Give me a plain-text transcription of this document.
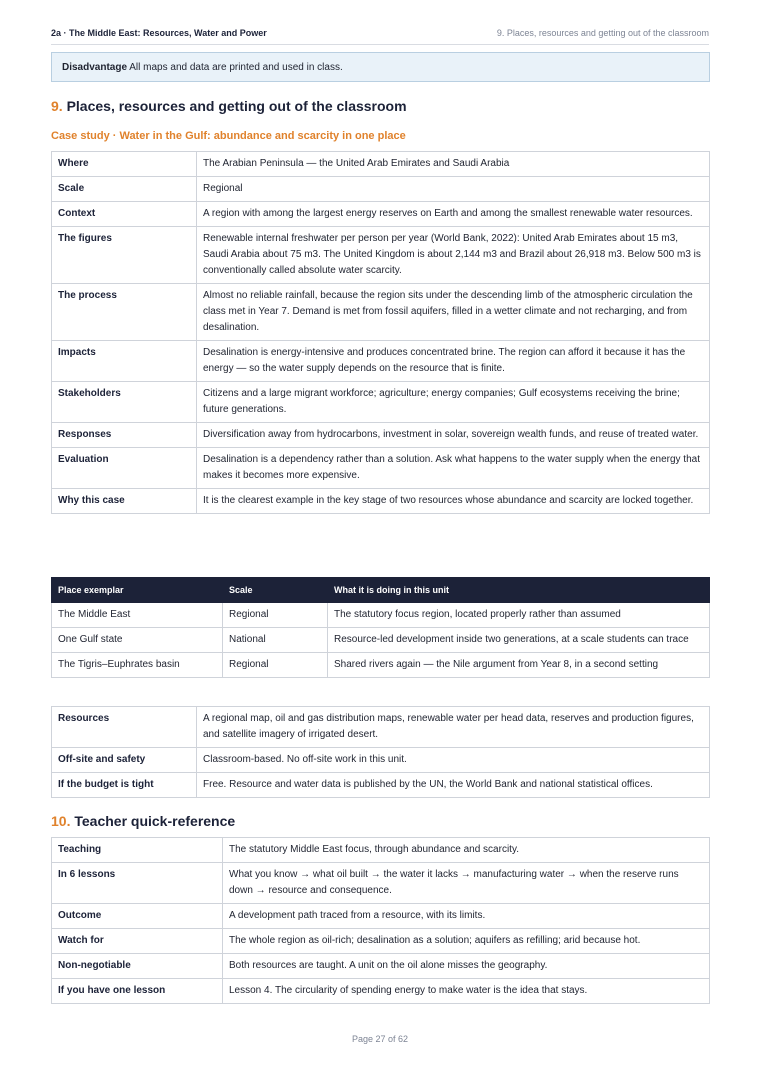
2a · The Middle East: Resources, Water and Power	9. Places, resources and getting out of the classroom
Disadvantage All maps and data are printed and used in class.
9. Places, resources and getting out of the classroom
Case study · Water in the Gulf: abundance and scarcity in one place
Where	The Arabian Peninsula — the United Arab Emirates and Saudi Arabia
Scale	Regional
Context	A region with among the largest energy reserves on Earth and among the smallest renewable water resources.
The figures	Renewable internal freshwater per person per year (World Bank, 2022): United Arab Emirates about 15 m3, Saudi Arabia about 75 m3. The United Kingdom is about 2,144 m3 and Brazil about 26,918 m3. Below 500 m3 is conventionally called absolute water scarcity.
The process	Almost no reliable rainfall, because the region sits under the descending limb of the atmospheric circulation the class met in Year 7. Demand is met from fossil aquifers, filled in a wetter climate and not recharging, and from desalination.
Impacts	Desalination is energy-intensive and produces concentrated brine. The region can afford it because it has the energy — so the water supply depends on the resource that is finite.
Stakeholders	Citizens and a large migrant workforce; agriculture; energy companies; Gulf ecosystems receiving the brine; future generations.
Responses	Diversification away from hydrocarbons, investment in solar, sovereign wealth funds, and reuse of treated water.
Evaluation	Desalination is a dependency rather than a solution. Ask what happens to the water supply when the energy that makes it becomes more expensive.
Why this case	It is the clearest example in the key stage of two resources whose abundance and scarcity are locked together.
Place exemplar	Scale	What it is doing in this unit
The Middle East	Regional	The statutory focus region, located properly rather than assumed
One Gulf state	National	Resource-led development inside two generations, at a scale students can trace
The Tigris–Euphrates basin	Regional	Shared rivers again — the Nile argument from Year 8, in a second setting
Resources	A regional map, oil and gas distribution maps, renewable water per head data, reserves and production figures, and satellite imagery of irrigated desert.
Off-site and safety	Classroom-based. No off-site work in this unit.
If the budget is tight	Free. Resource and water data is published by the UN, the World Bank and national statistical offices.
10. Teacher quick-reference
Teaching	The statutory Middle East focus, through abundance and scarcity.
In 6 lessons	What you know → what oil built → the water it lacks → manufacturing water → when the reserve runs down → resource and consequence.
Outcome	A development path traced from a resource, with its limits.
Watch for	The whole region as oil-rich; desalination as a solution; aquifers as refilling; arid because hot.
Non-negotiable	Both resources are taught. A unit on the oil alone misses the geography.
If you have one lesson	Lesson 4. The circularity of spending energy to make water is the idea that stays.
Page 27 of 62
